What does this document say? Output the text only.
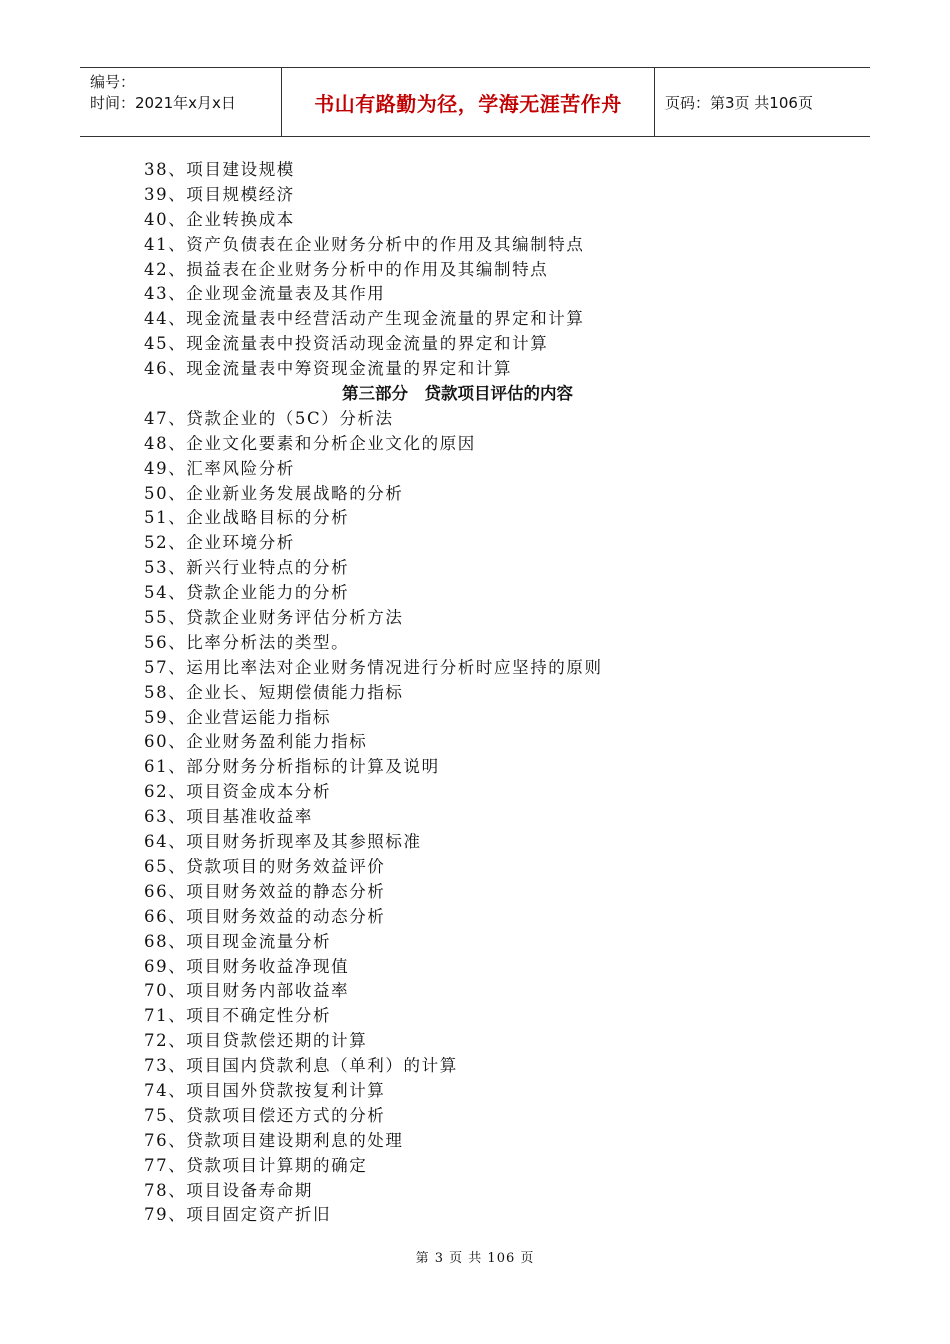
编号：
时间：2021年x月x日	书山有路勤为径，学海无涯苦作舟	页码：第3页 共106页
38、项目建设规模
39、项目规模经济
40、企业转换成本
41、资产负债表在企业财务分析中的作用及其编制特点
42、损益表在企业财务分析中的作用及其编制特点
43、企业现金流量表及其作用
44、现金流量表中经营活动产生现金流量的界定和计算
45、现金流量表中投资活动现金流量的界定和计算
46、现金流量表中筹资现金流量的界定和计算
第三部分　贷款项目评估的内容
47、贷款企业的（5C）分析法
48、企业文化要素和分析企业文化的原因
49、汇率风险分析
50、企业新业务发展战略的分析
51、企业战略目标的分析
52、企业环境分析
53、新兴行业特点的分析
54、贷款企业能力的分析
55、贷款企业财务评估分析方法
56、比率分析法的类型。
57、运用比率法对企业财务情况进行分析时应坚持的原则
58、企业长、短期偿债能力指标
59、企业营运能力指标
60、企业财务盈利能力指标
61、部分财务分析指标的计算及说明
62、项目资金成本分析
63、项目基准收益率
64、项目财务折现率及其参照标准
65、贷款项目的财务效益评价
66、项目财务效益的静态分析
66、项目财务效益的动态分析
68、项目现金流量分析
69、项目财务收益净现值
70、项目财务内部收益率
71、项目不确定性分析
72、项目贷款偿还期的计算
73、项目国内贷款利息（单利）的计算
74、项目国外贷款按复利计算
75、贷款项目偿还方式的分析
76、贷款项目建设期利息的处理
77、贷款项目计算期的确定
78、项目设备寿命期
79、项目固定资产折旧
第 3 页 共 106 页
